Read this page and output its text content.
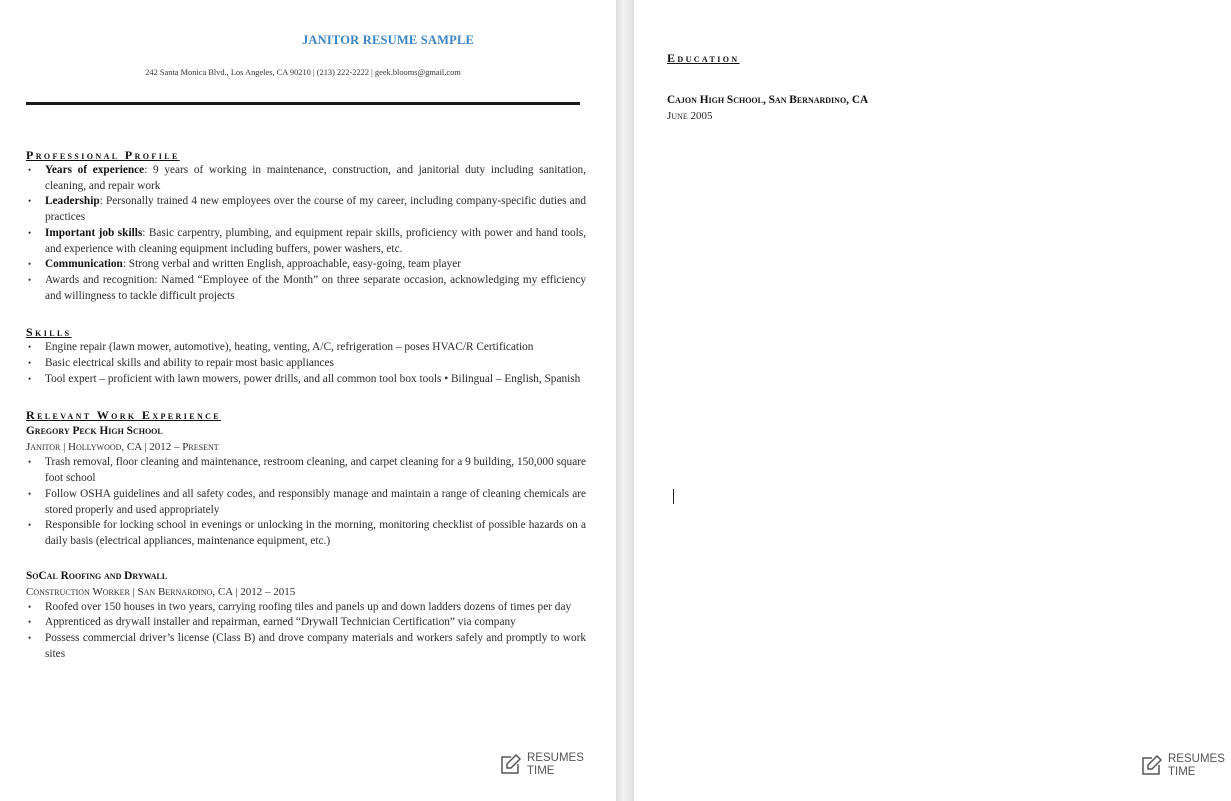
JANITOR RESUME SAMPLE
242 Santa Monica Blvd., Los Angeles, CA 90210 | (213) 222-2222 | geek.blooms@gmail.com
Professional Profile
• Years of experience: 9 years of working in maintenance, construction, and janitorial duty including sanitation, cleaning, and repair work
• Leadership: Personally trained 4 new employees over the course of my career, including company-specific duties and practices
• Important job skills: Basic carpentry, plumbing, and equipment repair skills, proficiency with power and hand tools, and experience with cleaning equipment including buffers, power washers, etc.
• Communication: Strong verbal and written English, approachable, easy-going, team player
• Awards and recognition: Named “Employee of the Month” on three separate occasion, acknowledging my efficiency and willingness to tackle difficult projects
Skills
• Engine repair (lawn mower, automotive), heating, venting, A/C, refrigeration – poses HVAC/R Certification
• Basic electrical skills and ability to repair most basic appliances
• Tool expert – proficient with lawn mowers, power drills, and all common tool box tools • Bilingual – English, Spanish
Relevant Work Experience
Gregory Peck High School
Janitor | Hollywood, CA | 2012 – Present
• Trash removal, floor cleaning and maintenance, restroom cleaning, and carpet cleaning for a 9 building, 150,000 square foot school
• Follow OSHA guidelines and all safety codes, and responsibly manage and maintain a range of cleaning chemicals are stored properly and used appropriately
• Responsible for locking school in evenings or unlocking in the morning, monitoring checklist of possible hazards on a daily basis (electrical appliances, maintenance equipment, etc.)
SoCal Roofing and Drywall
Construction Worker | San Bernardino, CA | 2012 – 2015
• Roofed over 150 houses in two years, carrying roofing tiles and panels up and down ladders dozens of times per day
• Apprenticed as drywall installer and repairman, earned “Drywall Technician Certification” via company
• Possess commercial driver’s license (Class B) and drove company materials and workers safely and promptly to work sites
RESUMES
TIME
Education
Cajon High School, San Bernardino, CA
June 2005
RESUMES
TIME
